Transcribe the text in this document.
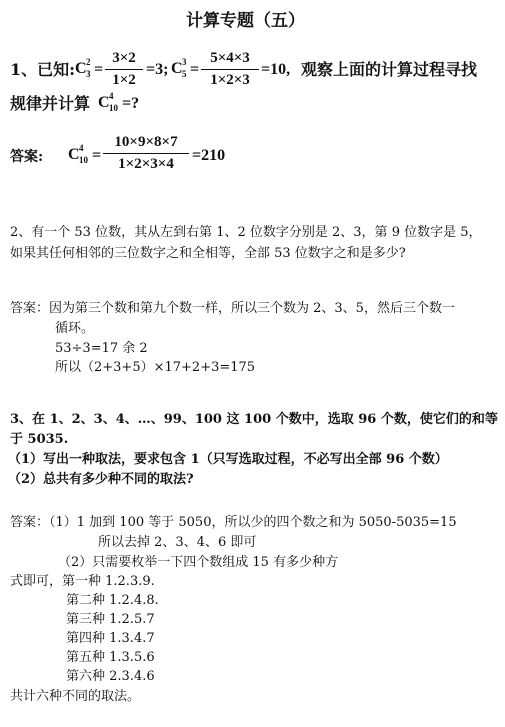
计算专题（五）
1、已知: C 2
$3 = \frac{3\times 2}{1\times 2} =3$; C 3
$5 = \frac{5\times 4\times 3}{1\times 2\times 3} =10$, 观察上面的计算过程寻找
规律并计算 C 4
10 =?
答案: C 4
$10 = \frac{10\times 9\times 8\times 7}{1\times 2\times 3\times 4} =210$
2、有一个 53 位数，其从左到右第 1、2 位数字分别是 2、3，第 9 位数字是 5，
如果其任何相邻的三位数字之和全相等，全部 53 位数字之和是多少?
答案：因为第三个数和第九个数一样，所以三个数为 2、3、5，然后三个数一
循环。
53÷3=17 余 2
所以（2+3+5）×17+2+3=175
3、在 1、2、3、4、…、99、100 这 100 个数中，选取 96 个数，使它们的和等
于 5035.
（1）写出一种取法，要求包含 1（只写选取过程，不必写出全部 96 个数）
（2）总共有多少种不同的取法?
答案：（1）1 加到 100 等于 5050，所以少的四个数之和为 5050-5035=15
所以去掉 2、3、4、6 即可
（2）只需要枚举一下四个数组成 15 有多少种方
式即可，第一种 1.2.3.9.
第二种 1.2.4.8.
第三种 1.2.5.7
第四种 1.3.4.7
第五种 1.3.5.6
第六种 2.3.4.6
共计六种不同的取法。
